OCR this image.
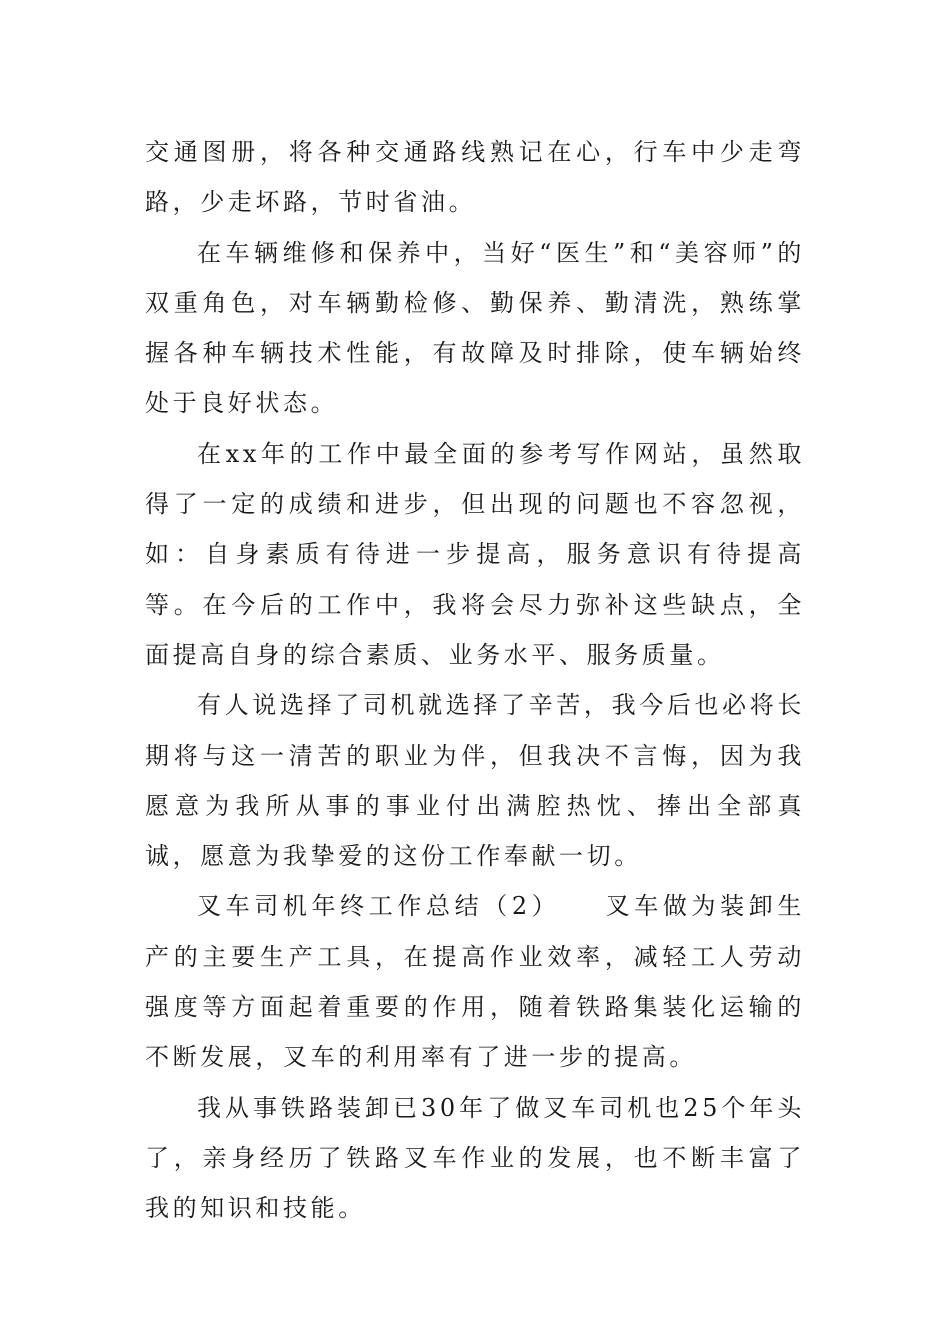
交通图册，将各种交通路线熟记在心，行车中少走弯路，少走坏路，节时省油。

在车辆维修和保养中，当好“医生”和“美容师”的双重角色，对车辆勤检修、勤保养、勤清洗，熟练掌握各种车辆技术性能，有故障及时排除，使车辆始终处于良好状态。

在xx年的工作中最全面的参考写作网站，虽然取得了一定的成绩和进步，但出现的问题也不容忽视，如：自身素质有待进一步提高，服务意识有待提高等。在今后的工作中，我将会尽力弥补这些缺点，全面提高自身的综合素质、业务水平、服务质量。

有人说选择了司机就选择了辛苦，我今后也必将长期将与这一清苦的职业为伴，但我决不言悔，因为我愿意为我所从事的事业付出满腔热忱、捧出全部真诚，愿意为我挚爱的这份工作奉献一切。

叉车司机年终工作总结（2）　　叉车做为装卸生产的主要生产工具，在提高作业效率，减轻工人劳动强度等方面起着重要的作用，随着铁路集装化运输的不断发展，叉车的利用率有了进一步的提高。

我从事铁路装卸已30年了做叉车司机也25个年头了，亲身经历了铁路叉车作业的发展，也不断丰富了我的知识和技能。
